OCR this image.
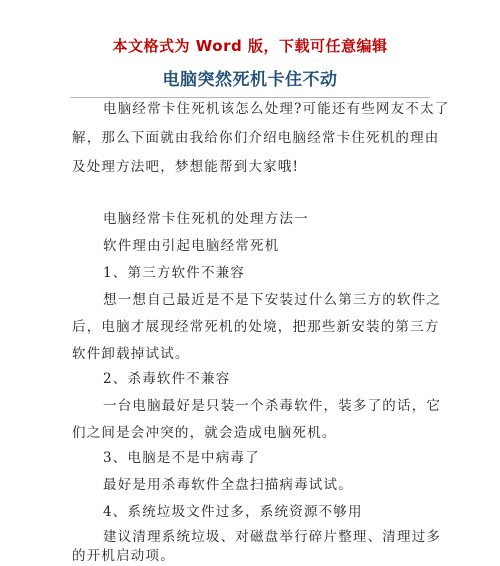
本文格式为 Word 版，下载可任意编辑
电脑突然死机卡住不动
电脑经常卡住死机该怎么处理?可能还有些网友不太了
解，那么下面就由我给你们介绍电脑经常卡住死机的理由
及处理方法吧，梦想能帮到大家哦!
电脑经常卡住死机的处理方法一
软件理由引起电脑经常死机
1、第三方软件不兼容
想一想自己最近是不是下安装过什么第三方的软件之
后，电脑才展现经常死机的处境，把那些新安装的第三方
软件卸载掉试试。
2、杀毒软件不兼容
一台电脑最好是只装一个杀毒软件，装多了的话，它
们之间是会冲突的，就会造成电脑死机。
3、电脑是不是中病毒了
最好是用杀毒软件全盘扫描病毒试试。
4、系统垃圾文件过多，系统资源不够用
建议清理系统垃圾、对磁盘举行碎片整理、清理过多
的开机启动项。
